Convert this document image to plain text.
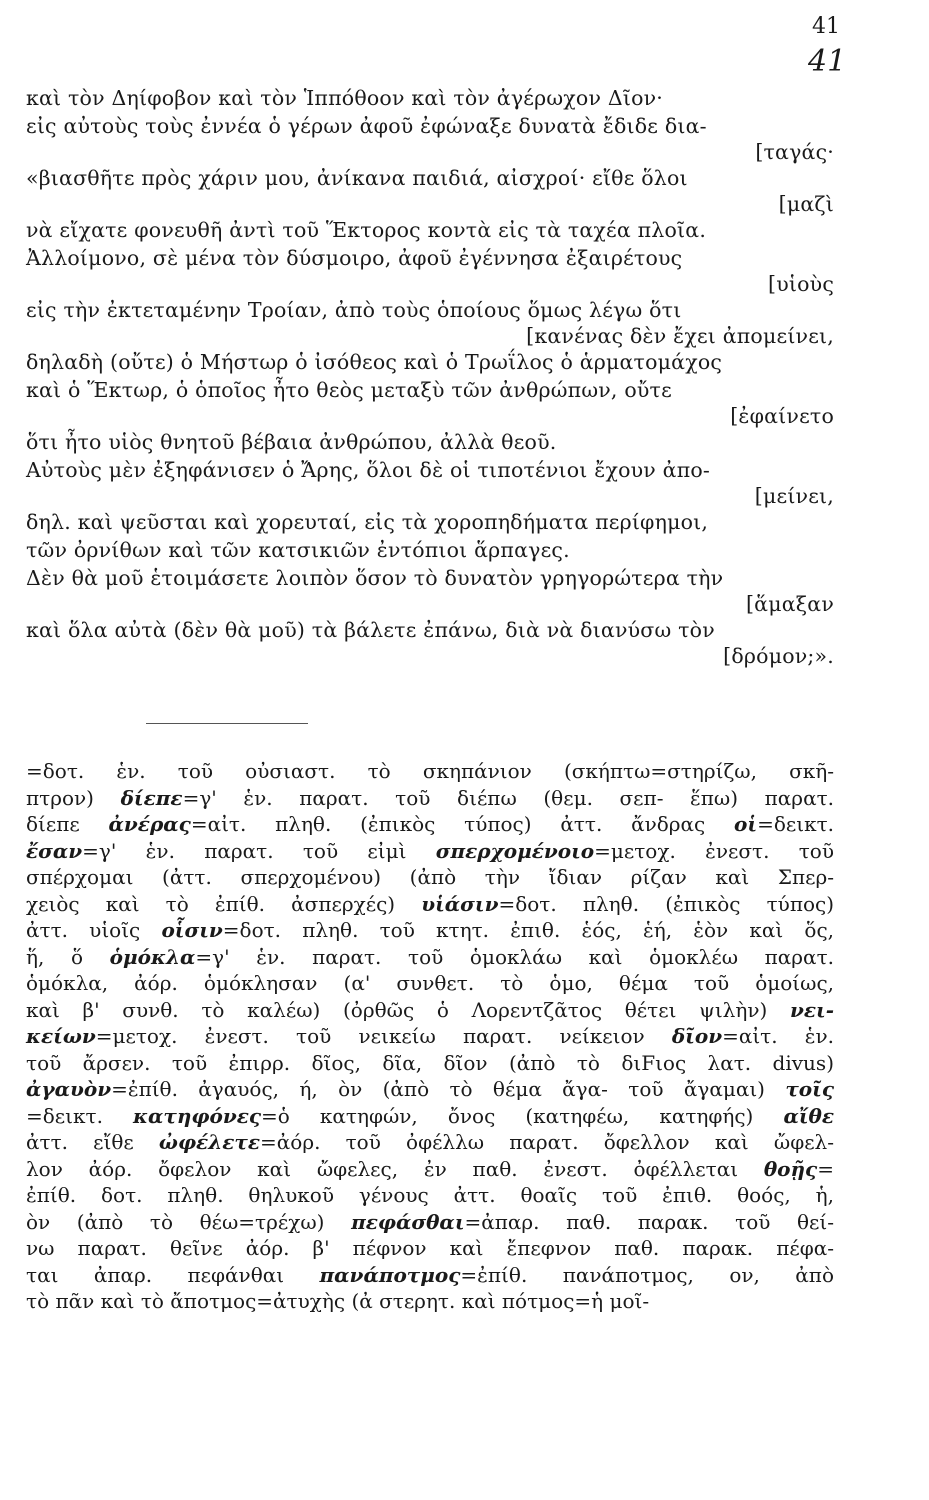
41
41
καὶ τὸν Δηίφοβον καὶ τὸν Ἱππόθοον καὶ τὸν ἀγέρωχον Δῖον·
εἰς αὐτοὺς τοὺς ἐννέα ὁ γέρων ἀφοῦ ἐφώναξε δυνατὰ ἔδιδε δια-
[ταγάς·
«βιασθῆτε πρὸς χάριν μου, ἀνίκανα παιδιά, αἰσχροί· εἴθε ὅλοι
[μαζὶ
νὰ εἴχατε φονευθῆ ἀντὶ τοῦ Ἕκτορος κοντὰ εἰς τὰ ταχέα πλοῖα.
Ἀλλοίμονο, σὲ μένα τὸν δύσμοιρο, ἀφοῦ ἐγέννησα ἐξαιρέτους
[υἱοὺς
εἰς τὴν ἐκτεταμένην Τροίαν, ἀπὸ τοὺς ὁποίους ὅμως λέγω ὅτι
[κανένας δὲν ἔχει ἀπομείνει,
δηλαδὴ (οὔτε) ὁ Μήστωρ ὁ ἰσόθεος καὶ ὁ Τρωΐλος ὁ ἁρματομάχος
καὶ ὁ Ἕκτωρ, ὁ ὁποῖος ἦτο θεὸς μεταξὺ τῶν ἀνθρώπων, οὔτε
[ἐφαίνετο
ὅτι ἦτο υἱὸς θνητοῦ βέβαια ἀνθρώπου, ἀλλὰ θεοῦ.
Αὐτοὺς μὲν ἐξηφάνισεν ὁ Ἄρης, ὅλοι δὲ οἱ τιποτένιοι ἔχουν ἀπο-
[μείνει,
δηλ. καὶ ψεῦσται καὶ χορευταί, εἰς τὰ χοροπηδήματα περίφημοι,
τῶν ὀρνίθων καὶ τῶν κατσικιῶν ἐντόπιοι ἅρπαγες.
Δὲν θὰ μοῦ ἑτοιμάσετε λοιπὸν ὅσον τὸ δυνατὸν γρηγορώτερα τὴν
[ἅμαξαν
καὶ ὅλα αὐτὰ (δὲν θὰ μοῦ) τὰ βάλετε ἐπάνω, διὰ νὰ διανύσω τὸν
[δρόμον;».
=δοτ. ἑν. τοῦ οὐσιαστ. τὸ σκηπάνιον (σκήπτω=στηρίζω, σκῆ-
πτρον) δίεπε=γ' ἑν. παρατ. τοῦ διέπω (θεμ. σεπ- ἕπω) παρατ.
δίεπε ἀνέρας=αἰτ. πληθ. (ἐπικὸς τύπος) ἀττ. ἄνδρας οἱ=δεικτ.
ἔσαν=γ' ἑν. παρατ. τοῦ εἰμὶ σπερχομένοιο=μετοχ. ἐνεστ. τοῦ
σπέρχομαι (ἀττ. σπερχομένου) (ἀπὸ τὴν ἴδιαν ρίζαν καὶ Σπερ-
χειὸς καὶ τὸ ἐπίθ. ἀσπερχές) υἱάσιν=δοτ. πληθ. (ἐπικὸς τύπος)
ἀττ. υἱοῖς οἷσιν=δοτ. πληθ. τοῦ κτητ. ἐπιθ. ἑός, ἑή, ἑὸν καὶ ὅς,
ἥ, ὅ ὁμόκλα=γ' ἑν. παρατ. τοῦ ὁμοκλάω καὶ ὁμοκλέω παρατ.
ὁμόκλα, ἀόρ. ὁμόκλησαν (α' συνθετ. τὸ ὁμο, θέμα τοῦ ὁμοίως,
καὶ β' συνθ. τὸ καλέω) (ὀρθῶς ὁ Λορεντζᾶτος θέτει ψιλὴν) νει-
κείων=μετοχ. ἐνεστ. τοῦ νεικείω παρατ. νείκειον δῖον=αἰτ. ἑν.
τοῦ ἄρσεν. τοῦ ἐπιρρ. δῖος, δῖα, δῖον (ἀπὸ τὸ διFιος λατ. divus)
ἀγαυὸν=ἐπίθ. ἀγαυός, ή, ὸν (ἀπὸ τὸ θέμα ἄγα- τοῦ ἄγαμαι) τοῖς
=δεικτ. κατηφόνες=ὁ κατηφών, ὄνος (κατηφέω, κατηφής) αἴθε
ἀττ. εἴθε ὠφέλετε=ἀόρ. τοῦ ὀφέλλω παρατ. ὄφελλον καὶ ὤφελ-
λον ἀόρ. ὄφελον καὶ ὤφελες, ἐν παθ. ἐνεστ. ὀφέλλεται θοῇς=
ἐπίθ. δοτ. πληθ. θηλυκοῦ γένους ἀττ. θοαῖς τοῦ ἐπιθ. θοός, ἡ,
ὸν (ἀπὸ τὸ θέω=τρέχω) πεφάσθαι=ἀπαρ. παθ. παρακ. τοῦ θεί-
νω παρατ. θεῖνε ἀόρ. β' πέφνον καὶ ἔπεφνον παθ. παρακ. πέφα-
ται ἀπαρ. πεφάνθαι πανάποτμος=ἐπίθ. πανάποτμος, ον, ἀπὸ
τὸ πᾶν καὶ τὸ ἄποτμος=ἀτυχὴς (ἀ στερητ. καὶ πότμος=ἡ μοῖ-
